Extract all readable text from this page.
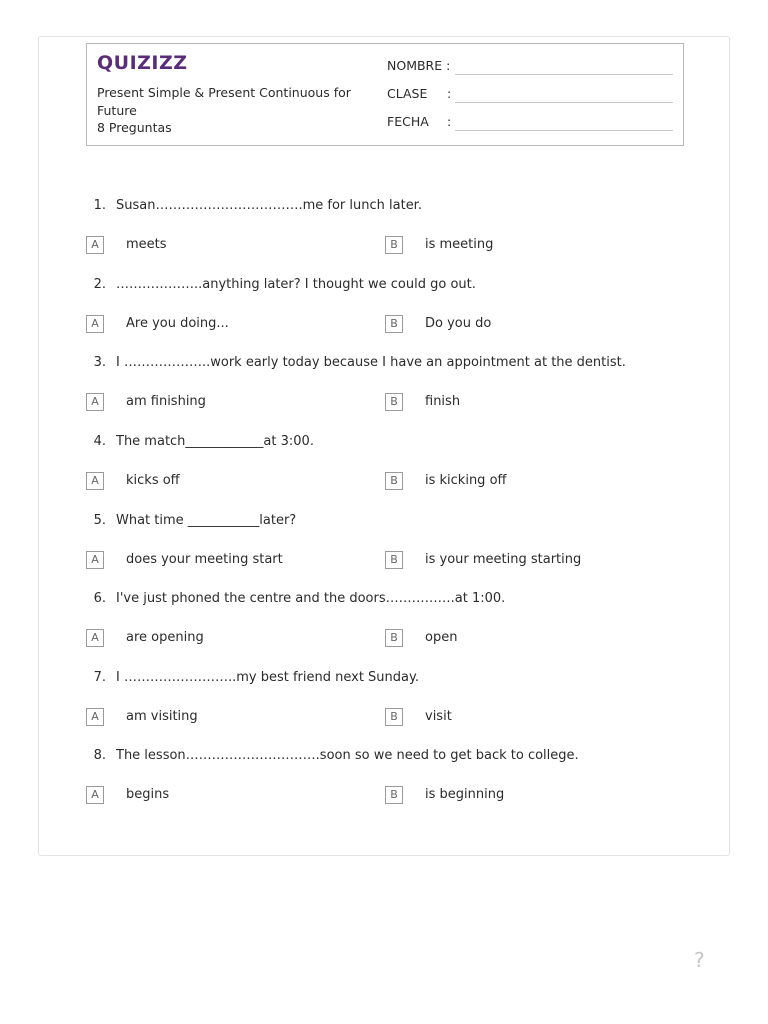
QUIZIZZ
Present Simple & Present Continuous for Future
8 Preguntas
NOMBRE :
CLASE :
FECHA :
1. Susan…………………………….me for lunch later.
A	meets	B	is meeting
2. ………………..anything later? I thought we could go out.
A	Are you doing...	B	Do you do
3. I ………………..work early today because I have an appointment at the dentist.
A	am finishing	B	finish
4. The match____________at 3:00.
A	kicks off	B	is kicking off
5. What time ___________later?
A	does your meeting start	B	is your meeting starting
6. I've just phoned the centre and the doors…………….at 1:00.
A	are opening	B	open
7. I ……………………..my best friend next Sunday.
A	am visiting	B	visit
8. The lesson………………………….soon so we need to get back to college.
A	begins	B	is beginning
?
